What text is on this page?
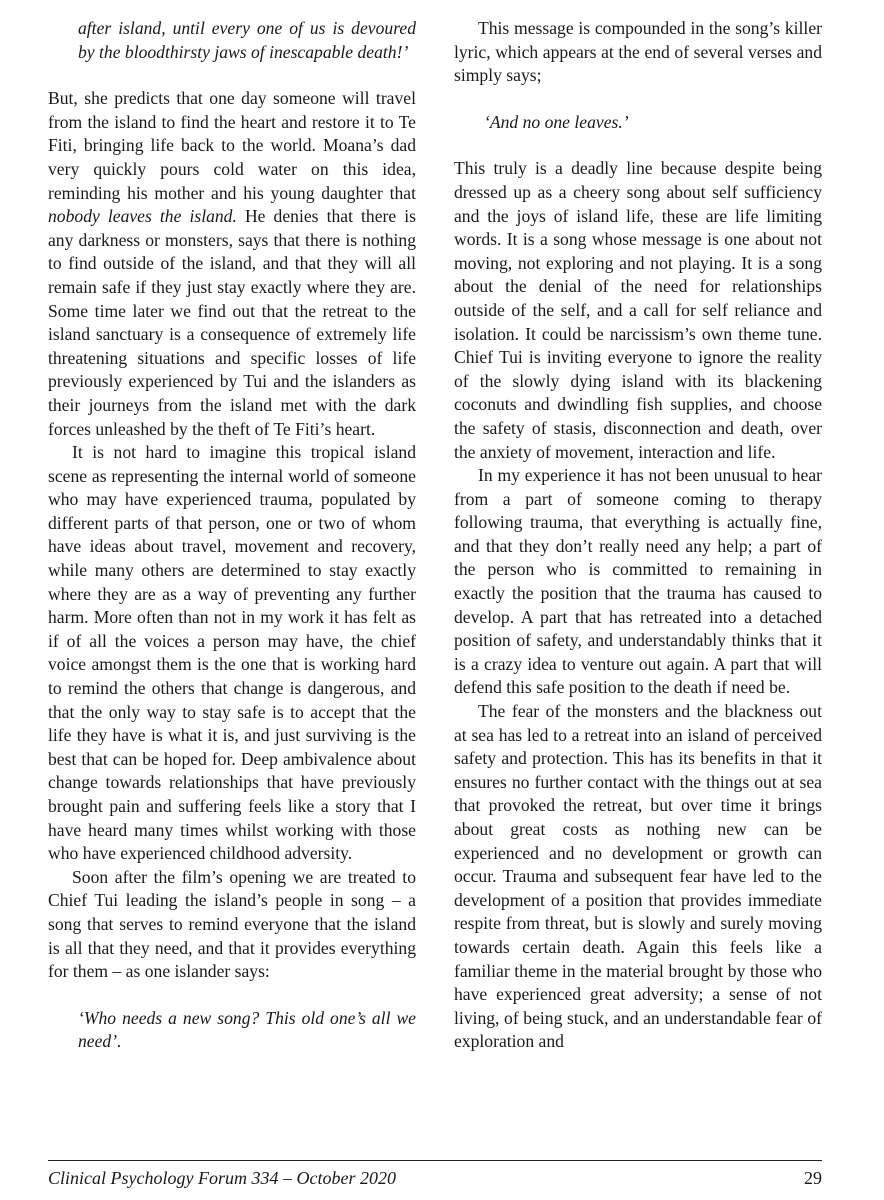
after island, until every one of us is devoured by the bloodthirsty jaws of inescapable death!’

But, she predicts that one day someone will travel from the island to find the heart and restore it to Te Fiti, bringing life back to the world. Moana’s dad very quickly pours cold water on this idea, reminding his mother and his young daughter that nobody leaves the island. He denies that there is any darkness or monsters, says that there is nothing to find outside of the island, and that they will all remain safe if they just stay exactly where they are. Some time later we find out that the retreat to the island sanctuary is a consequence of extremely life threatening situations and specific losses of life previously experienced by Tui and the islanders as their journeys from the island met with the dark forces unleashed by the theft of Te Fiti’s heart.

It is not hard to imagine this tropical island scene as representing the internal world of someone who may have experienced trauma, populated by different parts of that person, one or two of whom have ideas about travel, movement and recovery, while many others are determined to stay exactly where they are as a way of preventing any further harm. More often than not in my work it has felt as if of all the voices a person may have, the chief voice amongst them is the one that is working hard to remind the others that change is dangerous, and that the only way to stay safe is to accept that the life they have is what it is, and just surviving is the best that can be hoped for. Deep ambivalence about change towards relationships that have previously brought pain and suffering feels like a story that I have heard many times whilst working with those who have experienced childhood adversity.

Soon after the film’s opening we are treated to Chief Tui leading the island’s people in song – a song that serves to remind everyone that the island is all that they need, and that it provides everything for them – as one islander says:

‘Who needs a new song? This old one’s all we need’.

This message is compounded in the song’s killer lyric, which appears at the end of several verses and simply says;

‘And no one leaves.’

This truly is a deadly line because despite being dressed up as a cheery song about self sufficiency and the joys of island life, these are life limiting words. It is a song whose message is one about not moving, not exploring and not playing. It is a song about the denial of the need for relationships outside of the self, and a call for self reliance and isolation. It could be narcissism’s own theme tune. Chief Tui is inviting everyone to ignore the reality of the slowly dying island with its blackening coconuts and dwindling fish supplies, and choose the safety of stasis, disconnection and death, over the anxiety of movement, interaction and life.

In my experience it has not been unusual to hear from a part of someone coming to therapy following trauma, that everything is actually fine, and that they don’t really need any help; a part of the person who is committed to remaining in exactly the position that the trauma has caused to develop. A part that has retreated into a detached position of safety, and understandably thinks that it is a crazy idea to venture out again. A part that will defend this safe position to the death if need be.

The fear of the monsters and the blackness out at sea has led to a retreat into an island of perceived safety and protection. This has its benefits in that it ensures no further contact with the things out at sea that provoked the retreat, but over time it brings about great costs as nothing new can be experienced and no development or growth can occur. Trauma and subsequent fear have led to the development of a position that provides immediate respite from threat, but is slowly and surely moving towards certain death. Again this feels like a familiar theme in the material brought by those who have experienced great adversity; a sense of not living, of being stuck, and an understandable fear of exploration and

Clinical Psychology Forum 334 – October 2020	29
